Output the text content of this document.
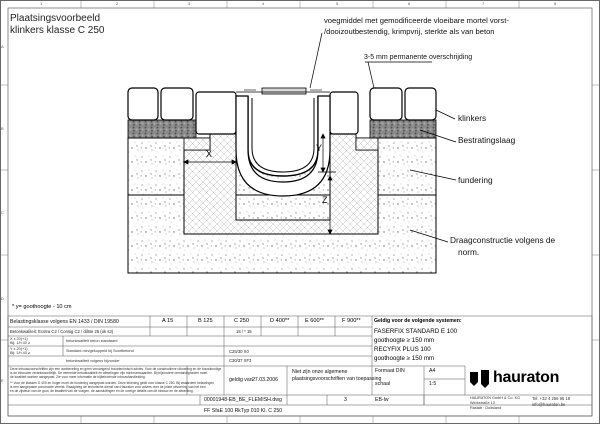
1	2	3	4	5	6	7	8
A
B
C
D
E
Plaatsingsvoorbeeld
klinkers klasse C 250
voegmiddel met gemodificeerde vloeibare mortel vorst-
/dooizoutbestendig, krimpvrij, sterkte als van beton
3-5 mm permanente overschrijding
klinkers
Bestratingslaag
fundering
Draagconstructie volgens de
norm.
X
Y
Z
* y= goothoogte - 10 cm
Belastingsklasse volgens EN 1433 / DIN 19580	A 15	B 125	C 250	D 400**	E 600**	F 900**
Betonkwaliteit: Ecotra C2 / Consig C2 / clilBe 25 (ok s3)	15 / * 15
X x 20(+1)
Bij: 1/h 40 ≥	betonkwaliteit beton standaard
Y x 20(+1)
Bij: 1/h 40 ≥	Standard min/gekoppeld bij Soortbetond	C25/30 X0
betonkwaliteit volgens bijzonder	C30/37 XF3
Geldig voor de volgende systemen:
FASERFIX STANDARD E 100
goothoogte ≥ 150 mm
RECYFIX PLUS 100
goothoogte ≥ 150 mm
Deze inbouwvoorschriften zijn een aanbeveling en geen vervangend bouwtechnisch advies. Voor de constructieve uitvoering en de bouwkundige
is de inbouwer verantwoordelijk. De vermelde betonkwaliteit en afmetingen zijn minimumwaarden. Bij bijzondere omstandigheden moet
de kwaliteit worden aangepast. Zie voor meer informatie de bijbehorende inbouwhandleiding.
** Voor de klassen D 400 en hoger moet de fundering aangepast worden. Deze tekening geldt voor klasse C 250. Bij zwaardere belastingen
is een aangepaste constructie vereist. Raadpleeg de technische dienst van Hauraton voor advies over de juiste uitvoering van het bed
en de zijsteun van de goot, de kwaliteit van de voegen, de aansluitingen en de overige details van de inbouw en de afwerking.
geldig van :
27.03.2006
Niet zijn onze algemene
plaatsingsvoorschriften van toepassing
Formaat DIN	A4
schaal	1:5
EB-lw
00001948-EB_BE_FLEMISH.dwg	3
FF SfaE 100 RkTyp 010 Kl. C 250
hauraton
HAURATON GmbH & Co. KG
Werkstraße 13
Rastatt · Duitsland
Tel: +32 4 256 95 18
info@hauraton.be
